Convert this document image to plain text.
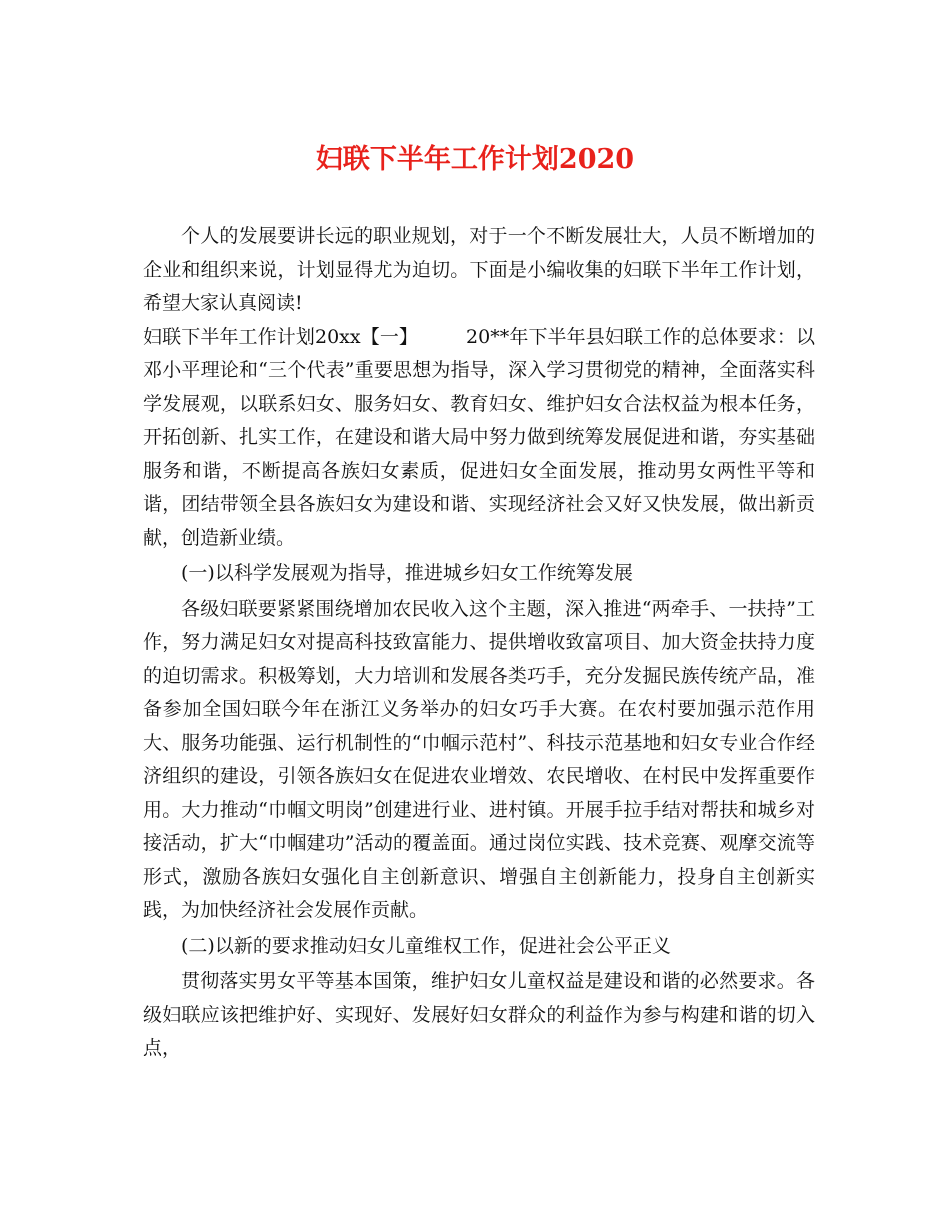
妇联下半年工作计划2020

个人的发展要讲长远的职业规划，对于一个不断发展壮大，人员不断增加的企业和组织来说，计划显得尤为迫切。下面是小编收集的妇联下半年工作计划，希望大家认真阅读!

妇联下半年工作计划20xx【一】	20**年下半年县妇联工作的总体要求：以邓小平理论和“三个代表”重要思想为指导，深入学习贯彻党的精神，全面落实科学发展观，以联系妇女、服务妇女、教育妇女、维护妇女合法权益为根本任务，开拓创新、扎实工作，在建设和谐大局中努力做到统筹发展促进和谐，夯实基础服务和谐，不断提高各族妇女素质，促进妇女全面发展，推动男女两性平等和谐，团结带领全县各族妇女为建设和谐、实现经济社会又好又快发展，做出新贡献，创造新业绩。

(一)以科学发展观为指导，推进城乡妇女工作统筹发展

各级妇联要紧紧围绕增加农民收入这个主题，深入推进“两牵手、一扶持”工作，努力满足妇女对提高科技致富能力、提供增收致富项目、加大资金扶持力度的迫切需求。积极筹划，大力培训和发展各类巧手，充分发掘民族传统产品，准备参加全国妇联今年在浙江义务举办的妇女巧手大赛。在农村要加强示范作用大、服务功能强、运行机制性的“巾帼示范村”、科技示范基地和妇女专业合作经济组织的建设，引领各族妇女在促进农业增效、农民增收、在村民中发挥重要作用。大力推动“巾帼文明岗”创建进行业、进村镇。开展手拉手结对帮扶和城乡对接活动，扩大“巾帼建功”活动的覆盖面。通过岗位实践、技术竞赛、观摩交流等形式，激励各族妇女强化自主创新意识、增强自主创新能力，投身自主创新实践，为加快经济社会发展作贡献。

(二)以新的要求推动妇女儿童维权工作，促进社会公平正义

贯彻落实男女平等基本国策，维护妇女儿童权益是建设和谐的必然要求。各级妇联应该把维护好、实现好、发展好妇女群众的利益作为参与构建和谐的切入点，
